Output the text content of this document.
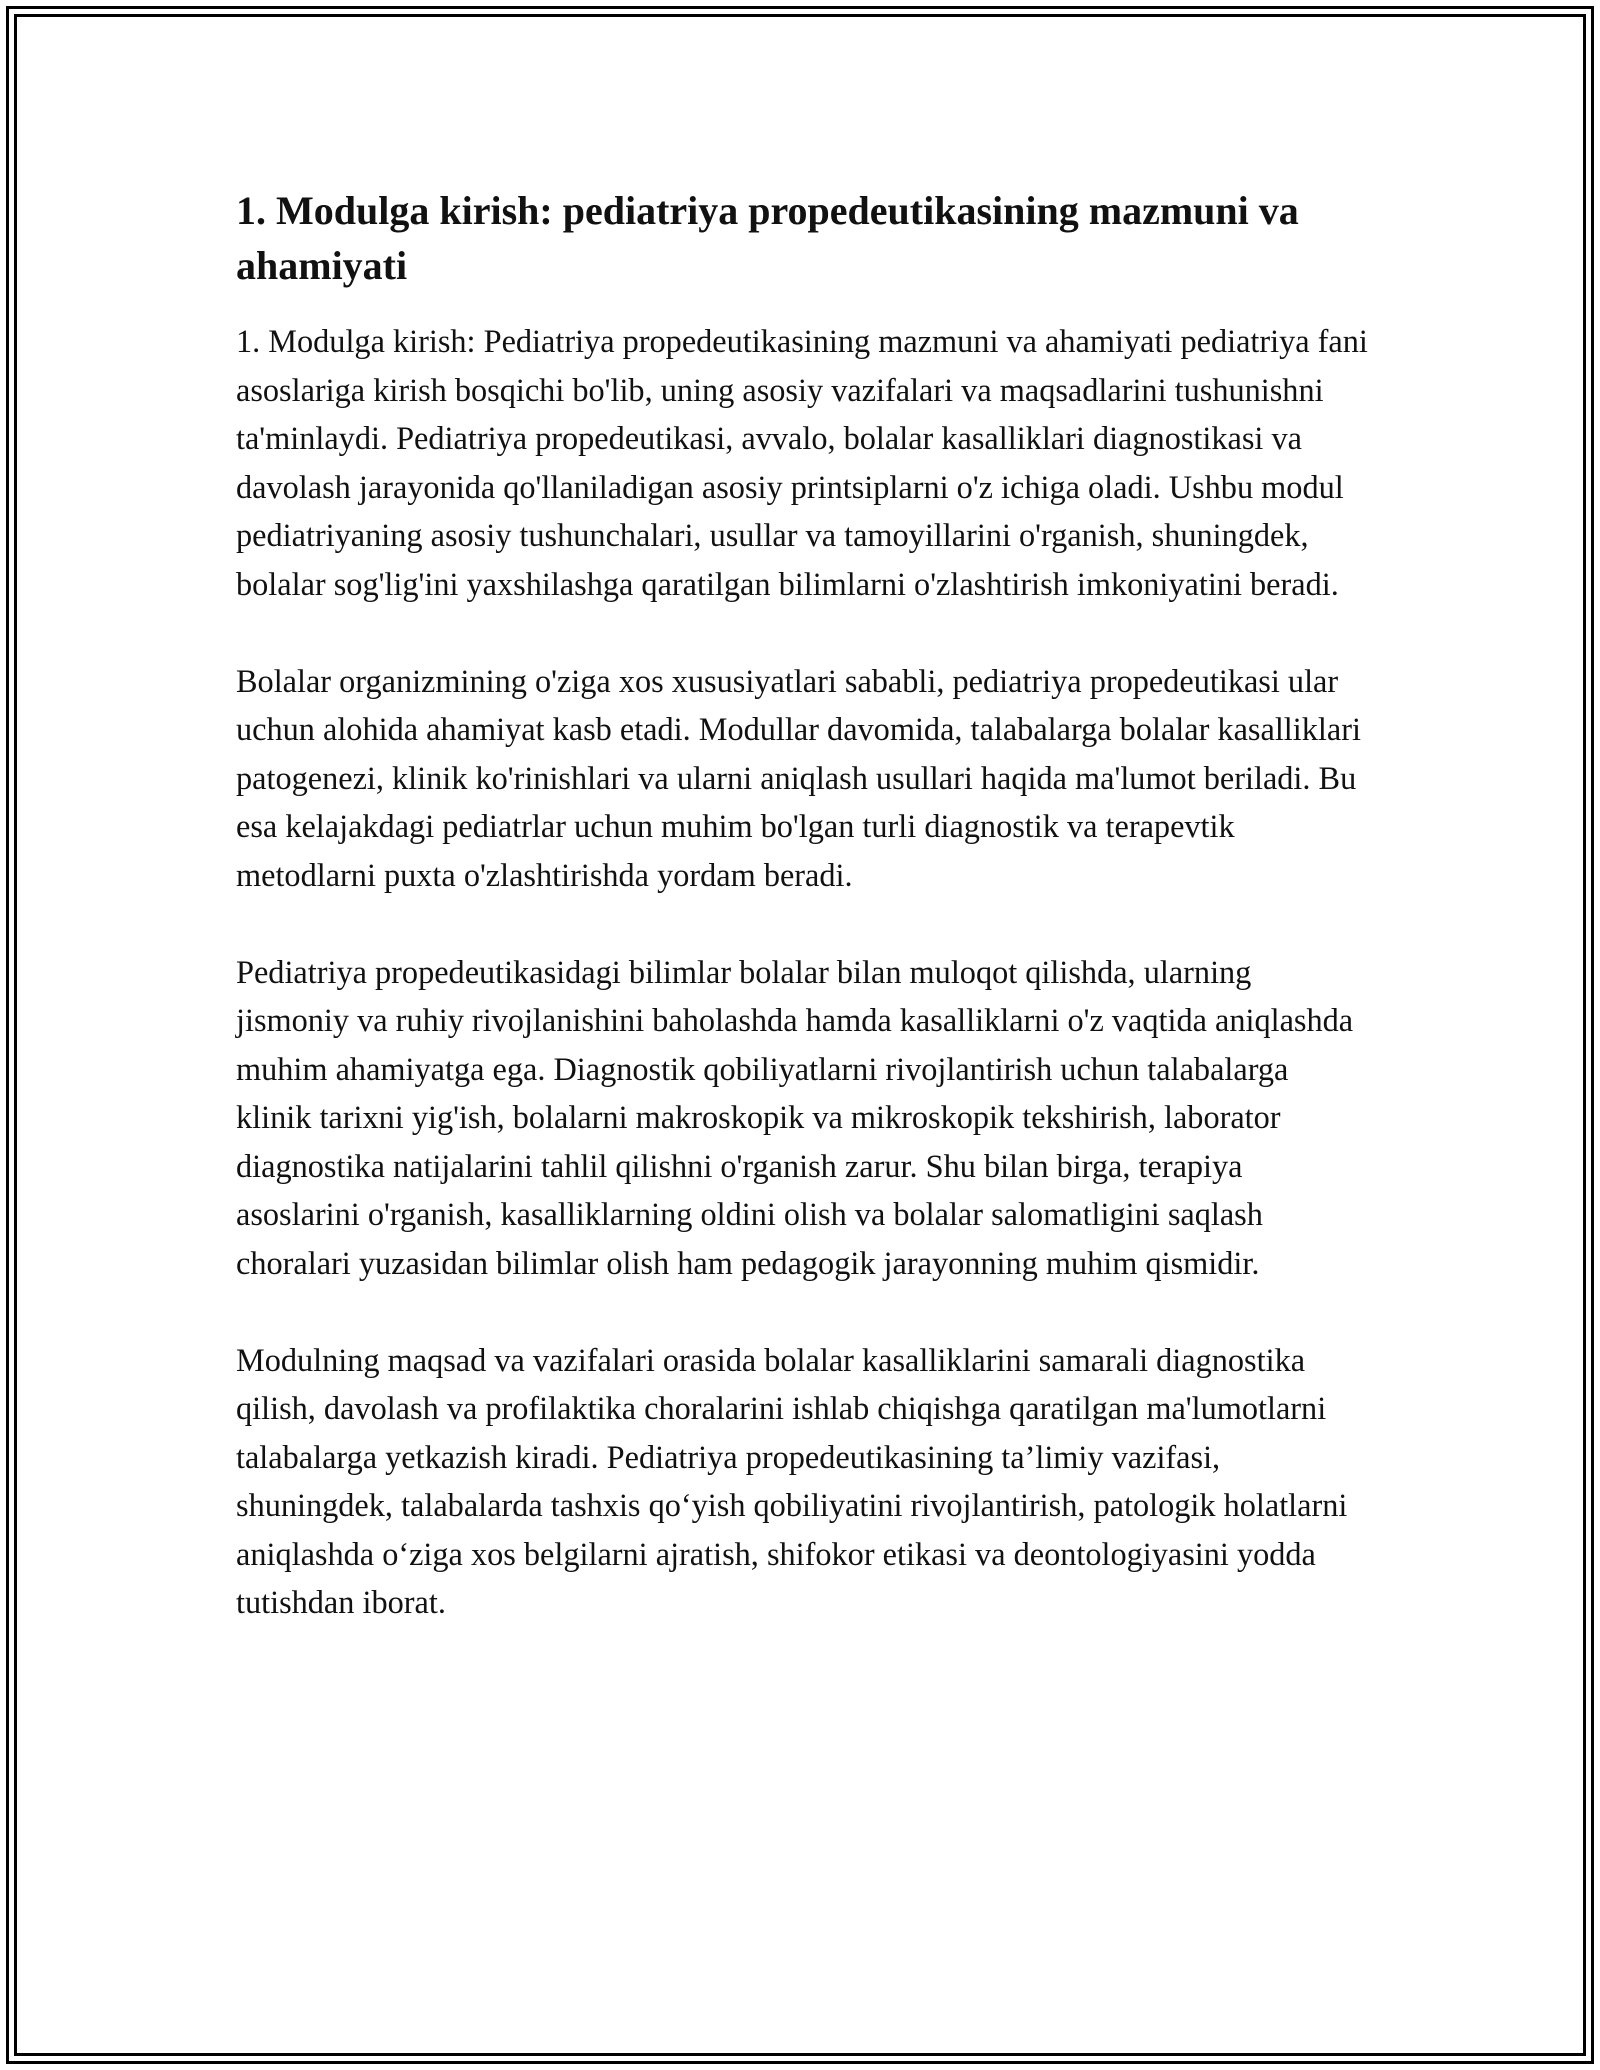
1. Modulga kirish: pediatriya propedeutikasining mazmuni va ahamiyati

1. Modulga kirish: Pediatriya propedeutikasining mazmuni va ahamiyati pediatriya fani asoslariga kirish bosqichi bo'lib, uning asosiy vazifalari va maqsadlarini tushunishni ta'minlaydi. Pediatriya propedeutikasi, avvalo, bolalar kasalliklari diagnostikasi va davolash jarayonida qo'llaniladigan asosiy printsiplarni o'z ichiga oladi. Ushbu modul pediatriyaning asosiy tushunchalari, usullar va tamoyillarini o'rganish, shuningdek, bolalar sog'lig'ini yaxshilashga qaratilgan bilimlarni o'zlashtirish imkoniyatini beradi.

Bolalar organizmining o'ziga xos xususiyatlari sababli, pediatriya propedeutikasi ular uchun alohida ahamiyat kasb etadi. Modullar davomida, talabalarga bolalar kasalliklari patogenezi, klinik ko'rinishlari va ularni aniqlash usullari haqida ma'lumot beriladi. Bu esa kelajakdagi pediatrlar uchun muhim bo'lgan turli diagnostik va terapevtik metodlarni puxta o'zlashtirishda yordam beradi.

Pediatriya propedeutikasidagi bilimlar bolalar bilan muloqot qilishda, ularning jismoniy va ruhiy rivojlanishini baholashda hamda kasalliklarni o'z vaqtida aniqlashda muhim ahamiyatga ega. Diagnostik qobiliyatlarni rivojlantirish uchun talabalarga klinik tarixni yig'ish, bolalarni makroskopik va mikroskopik tekshirish, laborator diagnostika natijalarini tahlil qilishni o'rganish zarur. Shu bilan birga, terapiya asoslarini o'rganish, kasalliklarning oldini olish va bolalar salomatligini saqlash choralari yuzasidan bilimlar olish ham pedagogik jarayonning muhim qismidir.

Modulning maqsad va vazifalari orasida bolalar kasalliklarini samarali diagnostika qilish, davolash va profilaktika choralarini ishlab chiqishga qaratilgan ma'lumotlarni talabalarga yetkazish kiradi. Pediatriya propedeutikasining ta’limiy vazifasi, shuningdek, talabalarda tashxis qo‘yish qobiliyatini rivojlantirish, patologik holatlarni aniqlashda o‘ziga xos belgilarni ajratish, shifokor etikasi va deontologiyasini yodda tutishdan iborat.
